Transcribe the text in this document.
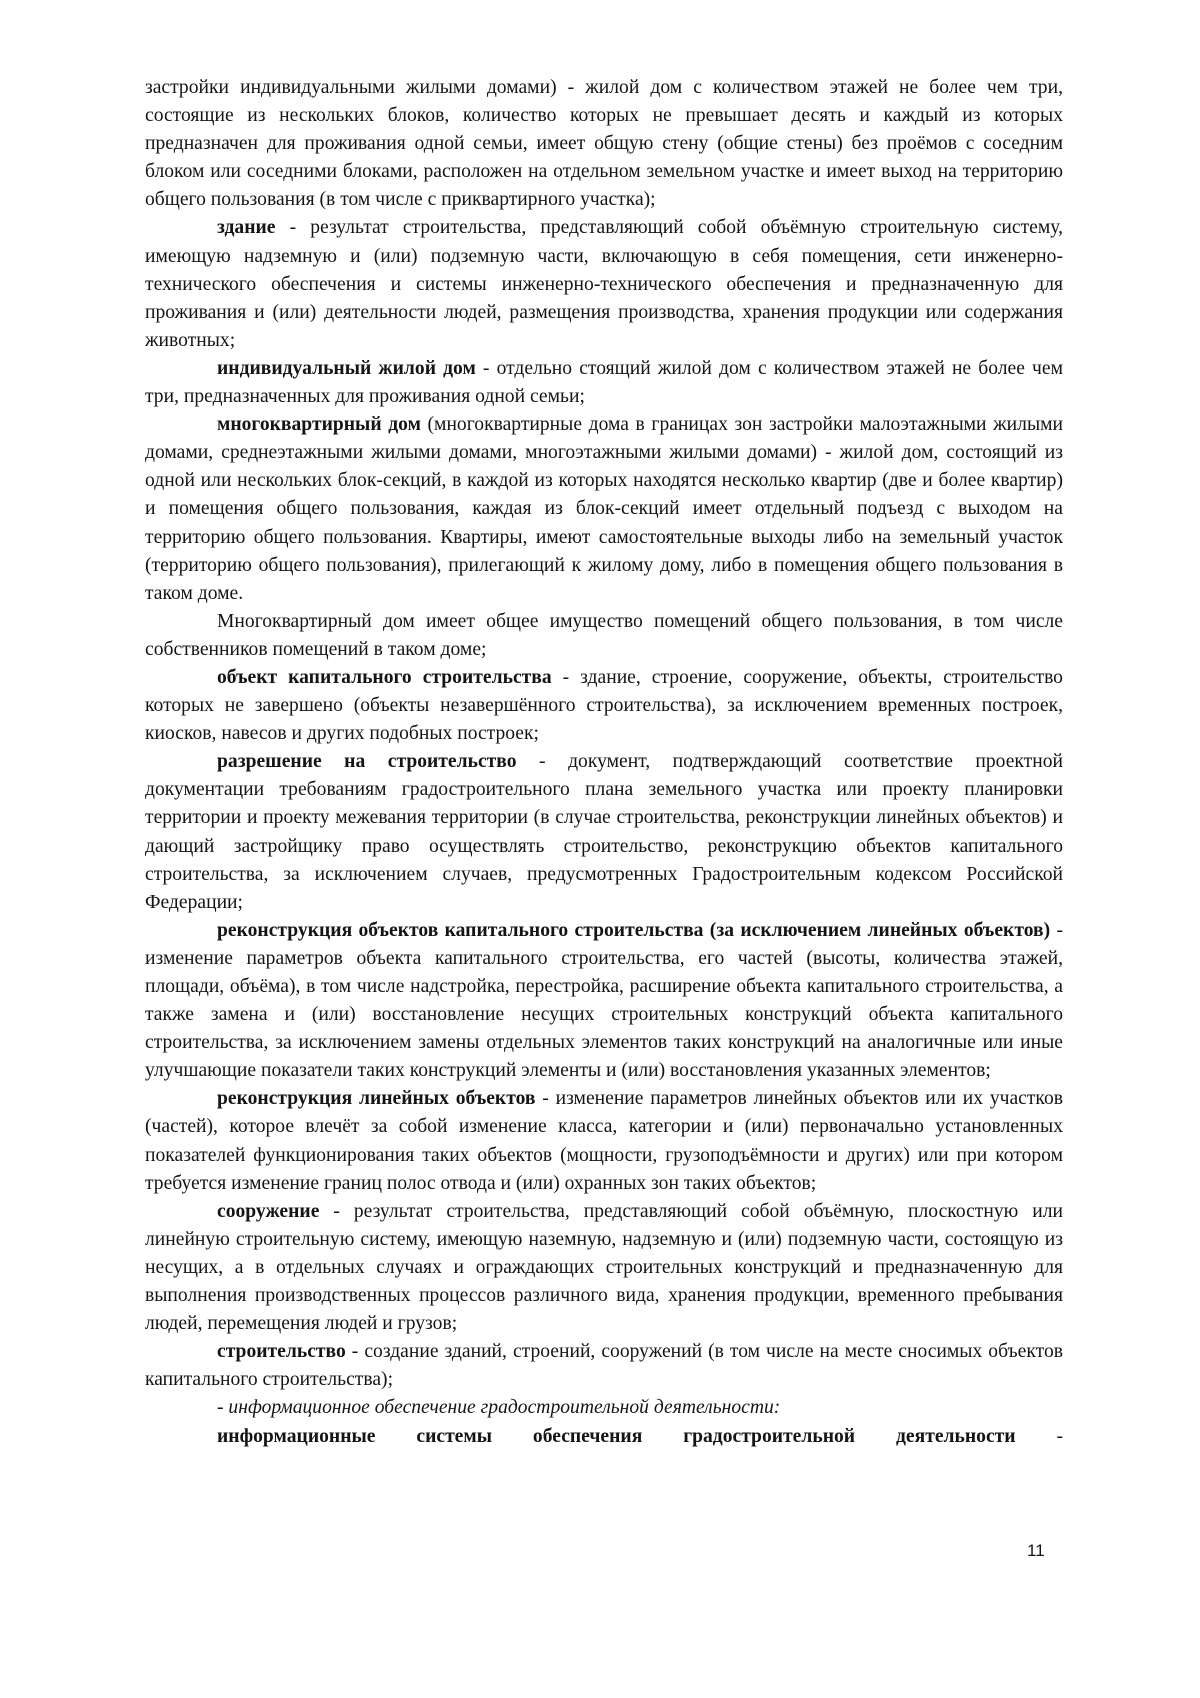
застройки индивидуальными жилыми домами) - жилой дом с количеством этажей не более чем три, состоящие из нескольких блоков, количество которых не превышает десять и каждый из которых предназначен для проживания одной семьи, имеет общую стену (общие стены) без проёмов с соседним блоком или соседними блоками, расположен на отдельном земельном участке и имеет выход на территорию общего пользования (в том числе с приквартирного участка);

здание - результат строительства, представляющий собой объёмную строительную систему, имеющую надземную и (или) подземную части, включающую в себя помещения, сети инженерно-технического обеспечения и системы инженерно-технического обеспечения и предназначенную для проживания и (или) деятельности людей, размещения производства, хранения продукции или содержания животных;

индивидуальный жилой дом - отдельно стоящий жилой дом с количеством этажей не более чем три, предназначенных для проживания одной семьи;

многоквартирный дом (многоквартирные дома в границах зон застройки малоэтажными жилыми домами, среднеэтажными жилыми домами, многоэтажными жилыми домами) - жилой дом, состоящий из одной или нескольких блок-секций, в каждой из которых находятся несколько квартир (две и более квартир) и помещения общего пользования, каждая из блок-секций имеет отдельный подъезд с выходом на территорию общего пользования. Квартиры, имеют самостоятельные выходы либо на земельный участок (территорию общего пользования), прилегающий к жилому дому, либо в помещения общего пользования в таком доме.

Многоквартирный дом имеет общее имущество помещений общего пользования, в том числе собственников помещений в таком доме;

объект капитального строительства - здание, строение, сооружение, объекты, строительство которых не завершено (объекты незавершённого строительства), за исключением временных построек, киосков, навесов и других подобных построек;

разрешение на строительство - документ, подтверждающий соответствие проектной документации требованиям градостроительного плана земельного участка или проекту планировки территории и проекту межевания территории (в случае строительства, реконструкции линейных объектов) и дающий застройщику право осуществлять строительство, реконструкцию объектов капитального строительства, за исключением случаев, предусмотренных Градостроительным кодексом Российской Федерации;

реконструкция объектов капитального строительства (за исключением линейных объектов) - изменение параметров объекта капитального строительства, его частей (высоты, количества этажей, площади, объёма), в том числе надстройка, перестройка, расширение объекта капитального строительства, а также замена и (или) восстановление несущих строительных конструкций объекта капитального строительства, за исключением замены отдельных элементов таких конструкций на аналогичные или иные улучшающие показатели таких конструкций элементы и (или) восстановления указанных элементов;

реконструкция линейных объектов - изменение параметров линейных объектов или их участков (частей), которое влечёт за собой изменение класса, категории и (или) первоначально установленных показателей функционирования таких объектов (мощности, грузоподъёмности и других) или при котором требуется изменение границ полос отвода и (или) охранных зон таких объектов;

сооружение - результат строительства, представляющий собой объёмную, плоскостную или линейную строительную систему, имеющую наземную, надземную и (или) подземную части, состоящую из несущих, а в отдельных случаях и ограждающих строительных конструкций и предназначенную для выполнения производственных процессов различного вида, хранения продукции, временного пребывания людей, перемещения людей и грузов;

строительство - создание зданий, строений, сооружений (в том числе на месте сносимых объектов капитального строительства);

- информационное обеспечение градостроительной деятельности:

информационные системы обеспечения градостроительной деятельности -

11
